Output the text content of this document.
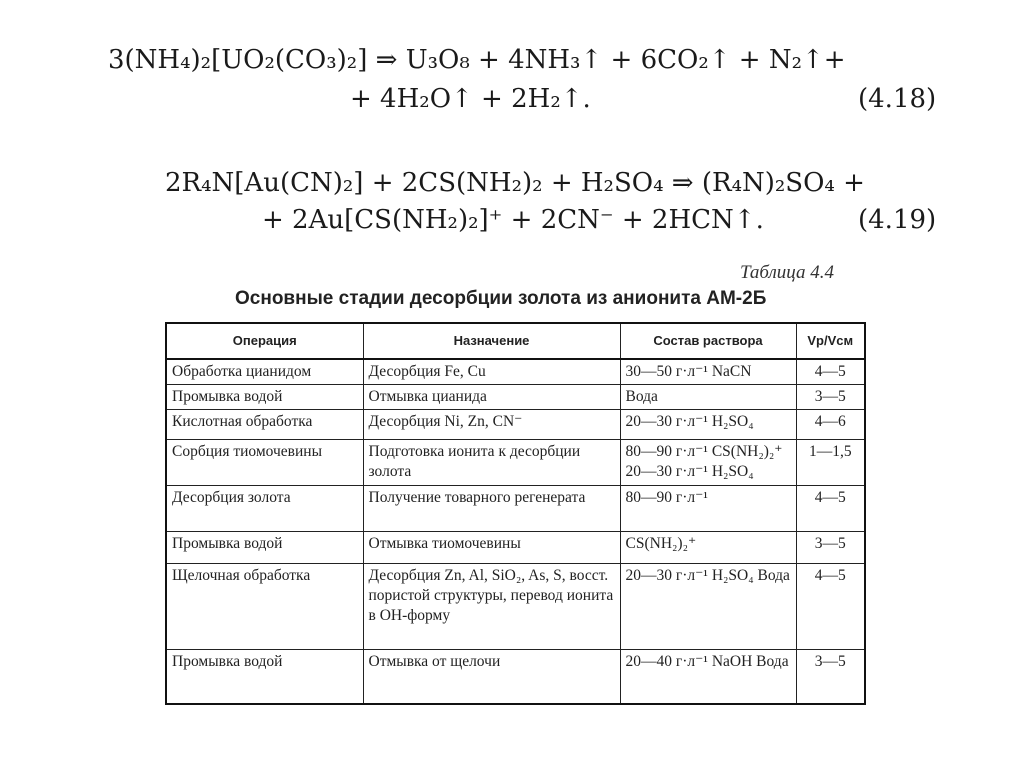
3(NH₄)₂[UO₂(CO₃)₂] ⇒ U₃O₈ + 4NH₃↑ + 6CO₂↑ + N₂↑+
+ 4H₂O↑ + 2H₂↑.	(4.18)
2R₄N[Au(CN)₂] + 2CS(NH₂)₂ + H₂SO₄ ⇒ (R₄N)₂SO₄ +
+ 2Au[CS(NH₂)₂]⁺ + 2CN⁻ + 2HCN↑.	(4.19)
Таблица 4.4
Основные стадии десорбции золота из анионита АМ-2Б
Операция	Назначение	Состав раствора	Vр/Vсм
Обработка цианидом	Десорбция Fe, Cu	30—50 г·л⁻¹ NaCN	4—5
Промывка водой	Отмывка цианида	Вода	3—5
Кислотная обработка	Десорбция Ni, Zn, CN⁻	20—30 г·л⁻¹ H₂SO₄	4—6
Сорбция тиомочевины	Подготовка ионита к десорбции золота	80—90 г·л⁻¹ CS(NH₂)₂⁺ 20—30 г·л⁻¹ H₂SO₄	1—1,5
Десорбция золота	Получение товарного регенерата	80—90 г·л⁻¹	4—5
Промывка водой	Отмывка тиомочевины	CS(NH₂)₂⁺	3—5
Щелочная обработка	Десорбция Zn, Al, SiO₂, As, S, восст. пористой структуры, перевод ионита в ОН-форму	20—30 г·л⁻¹ H₂SO₄ Вода	4—5
Промывка водой	Отмывка от щелочи	20—40 г·л⁻¹ NaOH Вода	3—5
